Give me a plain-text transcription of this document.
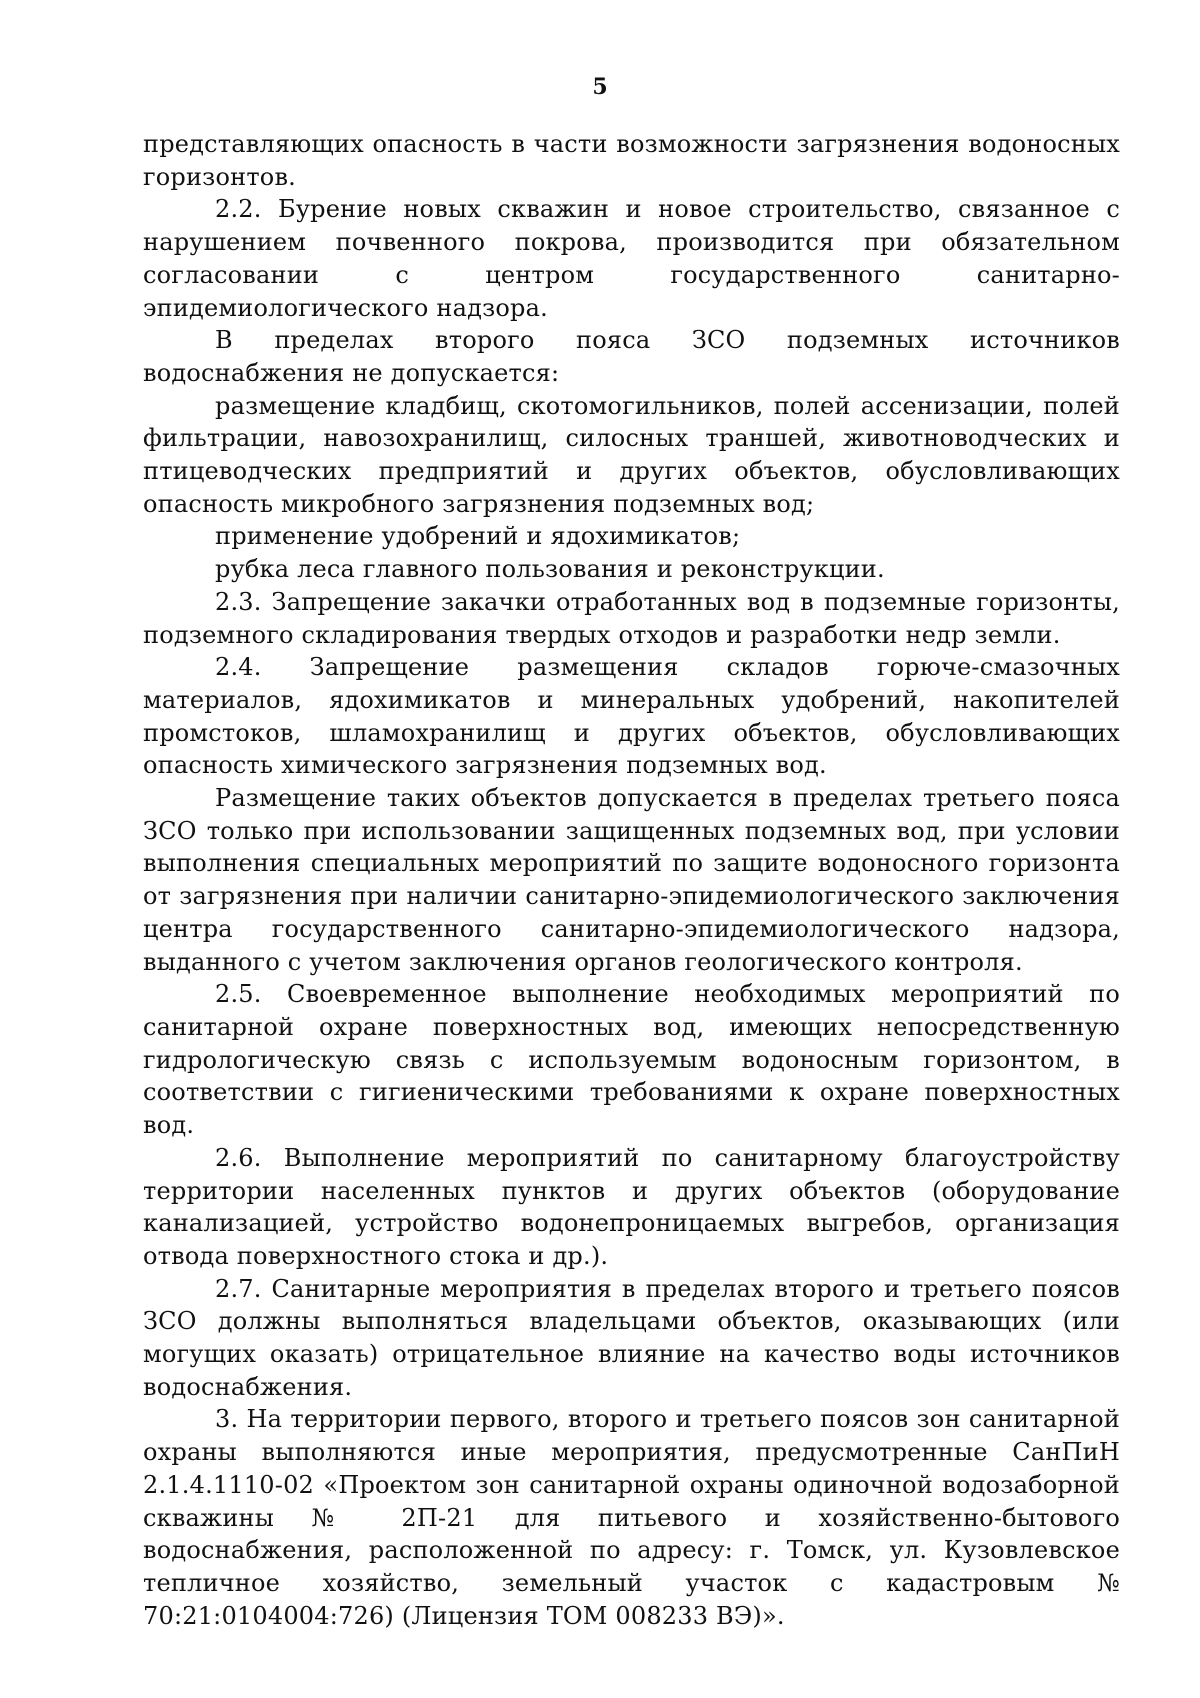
5

представляющих опасность в части возможности загрязнения водоносных горизонтов.

2.2. Бурение новых скважин и новое строительство, связанное с нарушением почвенного покрова, производится при обязательном согласовании с центром государственного санитарно-эпидемиологического надзора.

В пределах второго пояса ЗСО подземных источников водоснабжения не допускается:

размещение кладбищ, скотомогильников, полей ассенизации, полей фильтрации, навозохранилищ, силосных траншей, животноводческих и птицеводческих предприятий и других объектов, обусловливающих опасность микробного загрязнения подземных вод;

применение удобрений и ядохимикатов;

рубка леса главного пользования и реконструкции.

2.3. Запрещение закачки отработанных вод в подземные горизонты, подземного складирования твердых отходов и разработки недр земли.

2.4. Запрещение размещения складов горюче-смазочных материалов, ядохимикатов и минеральных удобрений, накопителей промстоков, шламохранилищ и других объектов, обусловливающих опасность химического загрязнения подземных вод.

Размещение таких объектов допускается в пределах третьего пояса ЗСО только при использовании защищенных подземных вод, при условии выполнения специальных мероприятий по защите водоносного горизонта от загрязнения при наличии санитарно-эпидемиологического заключения центра государственного санитарно-эпидемиологического надзора, выданного с учетом заключения органов геологического контроля.

2.5. Своевременное выполнение необходимых мероприятий по санитарной охране поверхностных вод, имеющих непосредственную гидрологическую связь с используемым водоносным горизонтом, в соответствии с гигиеническими требованиями к охране поверхностных вод.

2.6. Выполнение мероприятий по санитарному благоустройству территории населенных пунктов и других объектов (оборудование канализацией, устройство водонепроницаемых выгребов, организация отвода поверхностного стока и др.).

2.7. Санитарные мероприятия в пределах второго и третьего поясов ЗСО должны выполняться владельцами объектов, оказывающих (или могущих оказать) отрицательное влияние на качество воды источников водоснабжения.

3. На территории первого, второго и третьего поясов зон санитарной охраны выполняются иные мероприятия, предусмотренные СанПиН 2.1.4.1110-02 «Проектом зон санитарной охраны одиночной водозаборной скважины № 2П-21 для питьевого и хозяйственно-бытового водоснабжения, расположенной по адресу: г. Томск, ул. Кузовлевское тепличное хозяйство, земельный участок с кадастровым № 70:21:0104004:726) (Лицензия ТОМ 008233 ВЭ)».
